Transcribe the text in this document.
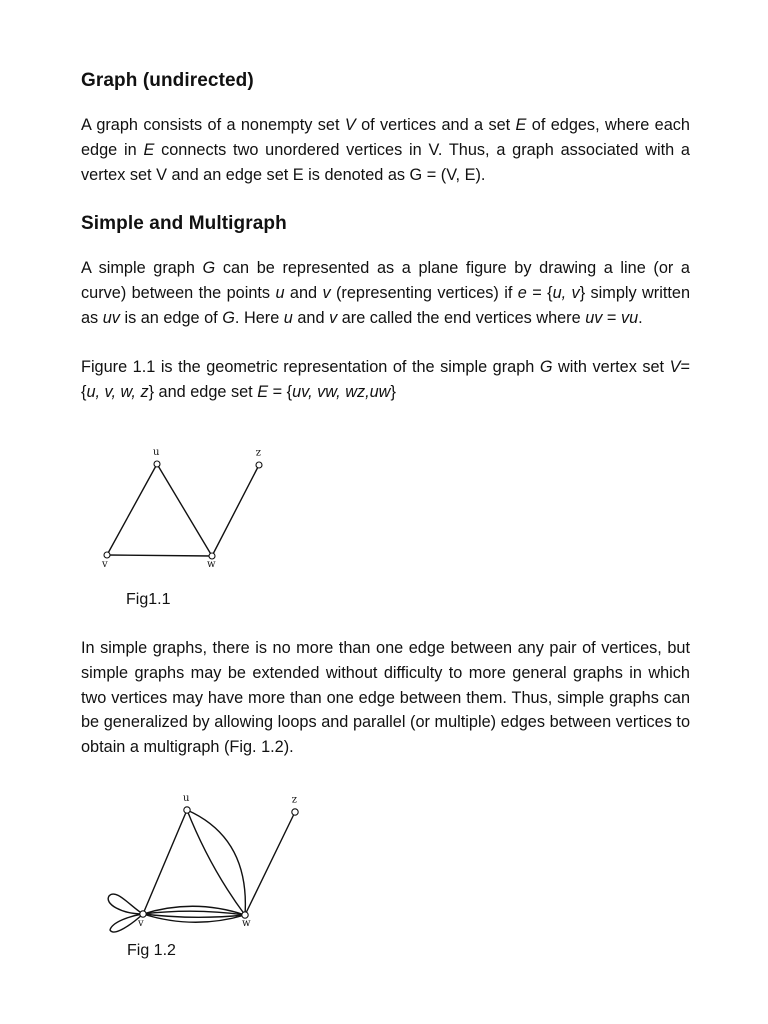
Graph (undirected)

A graph consists of a nonempty set V of vertices and a set E of edges, where each edge in E connects two unordered vertices in V. Thus, a graph associated with a vertex set V and an edge set E is denoted as G = (V, E).

Simple and Multigraph

A simple graph G can be represented as a plane figure by drawing a line (or a curve) between the points u and v (representing vertices) if e = {u, v} simply written as uv is an edge of G. Here u and v are called the end vertices where uv = vu.

Figure 1.1 is the geometric representation of the simple graph G with vertex set V={u, v, w, z} and edge set E = {uv, vw, wz,uw}

u
v	w
z
Fig1.1

In simple graphs, there is no more than one edge between any pair of vertices, but simple graphs may be extended without difficulty to more general graphs in which two vertices may have more than one edge between them. Thus, simple graphs can be generalized by allowing loops and parallel (or multiple) edges between vertices to obtain a multigraph (Fig. 1.2).

u
v	w
z
Fig 1.2
